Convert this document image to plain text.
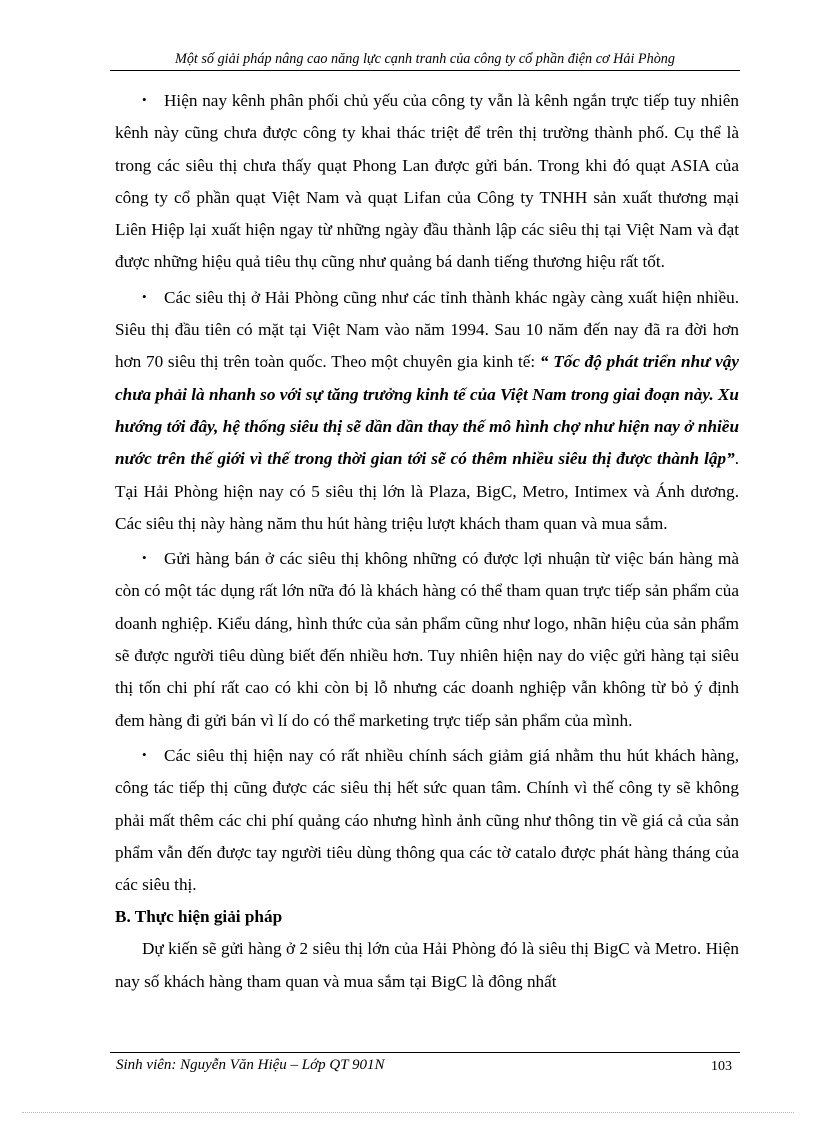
Một số giải pháp nâng cao năng lực cạnh tranh của công ty cổ phần điện cơ Hải Phòng

• Hiện nay kênh phân phối chủ yếu của công ty vẫn là kênh ngắn trực tiếp tuy nhiên kênh này cũng chưa được công ty khai thác triệt để trên thị trường thành phố. Cụ thể là trong các siêu thị chưa thấy quạt Phong Lan được gửi bán. Trong khi đó quạt ASIA của công ty cổ phần quạt Việt Nam và quạt Lifan của Công ty TNHH sản xuất thương mại Liên Hiệp lại xuất hiện ngay từ những ngày đầu thành lập các siêu thị tại Việt Nam và đạt được những hiệu quả tiêu thụ cũng như quảng bá danh tiếng thương hiệu rất tốt.

• Các siêu thị ở Hải Phòng cũng như các tỉnh thành khác ngày càng xuất hiện nhiều. Siêu thị đầu tiên có mặt tại Việt Nam vào năm 1994. Sau 10 năm đến nay đã ra đời hơn hơn 70 siêu thị trên toàn quốc. Theo một chuyên gia kinh tế: “ Tốc độ phát triển như vậy chưa phải là nhanh so với sự tăng trưởng kinh tế của Việt Nam trong giai đoạn này. Xu hướng tới đây, hệ thống siêu thị sẽ dần dần thay thế mô hình chợ như hiện nay ở nhiều nước trên thế giới vì thế trong thời gian tới sẽ có thêm nhiều siêu thị được thành lập”. Tại Hải Phòng hiện nay có 5 siêu thị lớn là Plaza, BigC, Metro, Intimex và Ánh dương. Các siêu thị này hàng năm thu hút hàng triệu lượt khách tham quan và mua sắm.

• Gửi hàng bán ở các siêu thị không những có được lợi nhuận từ việc bán hàng mà còn có một tác dụng rất lớn nữa đó là khách hàng có thể tham quan trực tiếp sản phẩm của doanh nghiệp. Kiểu dáng, hình thức của sản phẩm cũng như logo, nhãn hiệu của sản phẩm sẽ được người tiêu dùng biết đến nhiều hơn. Tuy nhiên hiện nay do việc gửi hàng tại siêu thị tốn chi phí rất cao có khi còn bị lỗ nhưng các doanh nghiệp vẫn không từ bỏ ý định đem hàng đi gửi bán vì lí do có thể marketing trực tiếp sản phẩm của mình.

• Các siêu thị hiện nay có rất nhiều chính sách giảm giá nhằm thu hút khách hàng, công tác tiếp thị cũng được các siêu thị hết sức quan tâm. Chính vì thế công ty sẽ không phải mất thêm các chi phí quảng cáo nhưng hình ảnh cũng như thông tin về giá cả của sản phẩm vẫn đến được tay người tiêu dùng thông qua các tờ catalo được phát hàng tháng của các siêu thị.

B. Thực hiện giải pháp

Dự kiến sẽ gửi hàng ở 2 siêu thị lớn của Hải Phòng đó là siêu thị BigC và Metro. Hiện nay số khách hàng tham quan và mua sắm tại BigC là đông nhất

Sinh viên: Nguyễn Văn Hiệu – Lớp QT 901N	103
